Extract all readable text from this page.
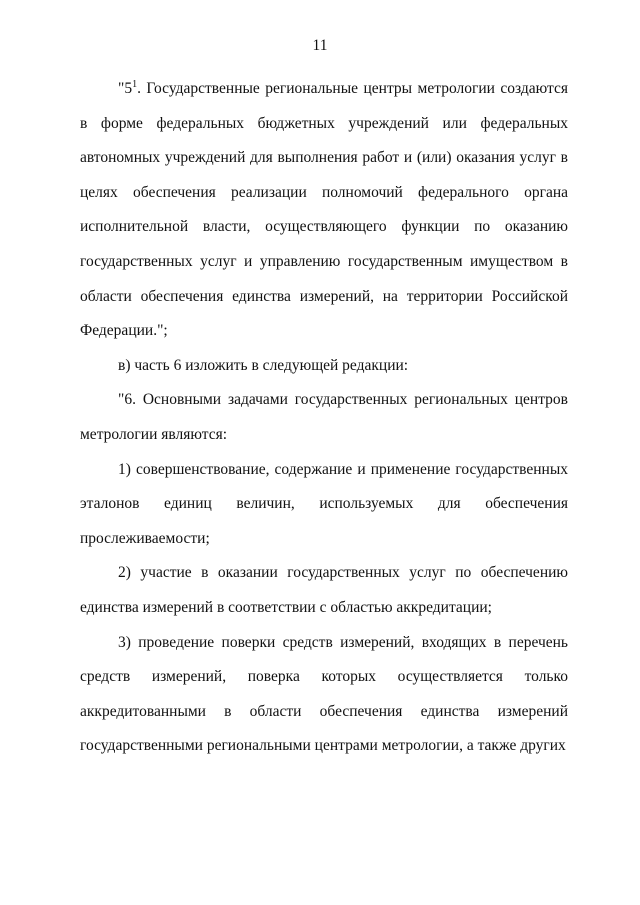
11

"$5^1$. Государственные региональные центры метрологии создаются в форме федеральных бюджетных учреждений или федеральных автономных учреждений для выполнения работ и (или) оказания услуг в целях обеспечения реализации полномочий федерального органа исполнительной власти, осуществляющего функции по оказанию государственных услуг и управлению государственным имуществом в области обеспечения единства измерений, на территории Российской Федерации.";

в) часть 6 изложить в следующей редакции:

"6. Основными задачами государственных региональных центров метрологии являются:

1) совершенствование, содержание и применение государственных эталонов единиц величин, используемых для обеспечения прослеживаемости;

2) участие в оказании государственных услуг по обеспечению единства измерений в соответствии с областью аккредитации;

3) проведение поверки средств измерений, входящих в перечень средств измерений, поверка которых осуществляется только аккредитованными в области обеспечения единства измерений государственными региональными центрами метрологии, а также других
